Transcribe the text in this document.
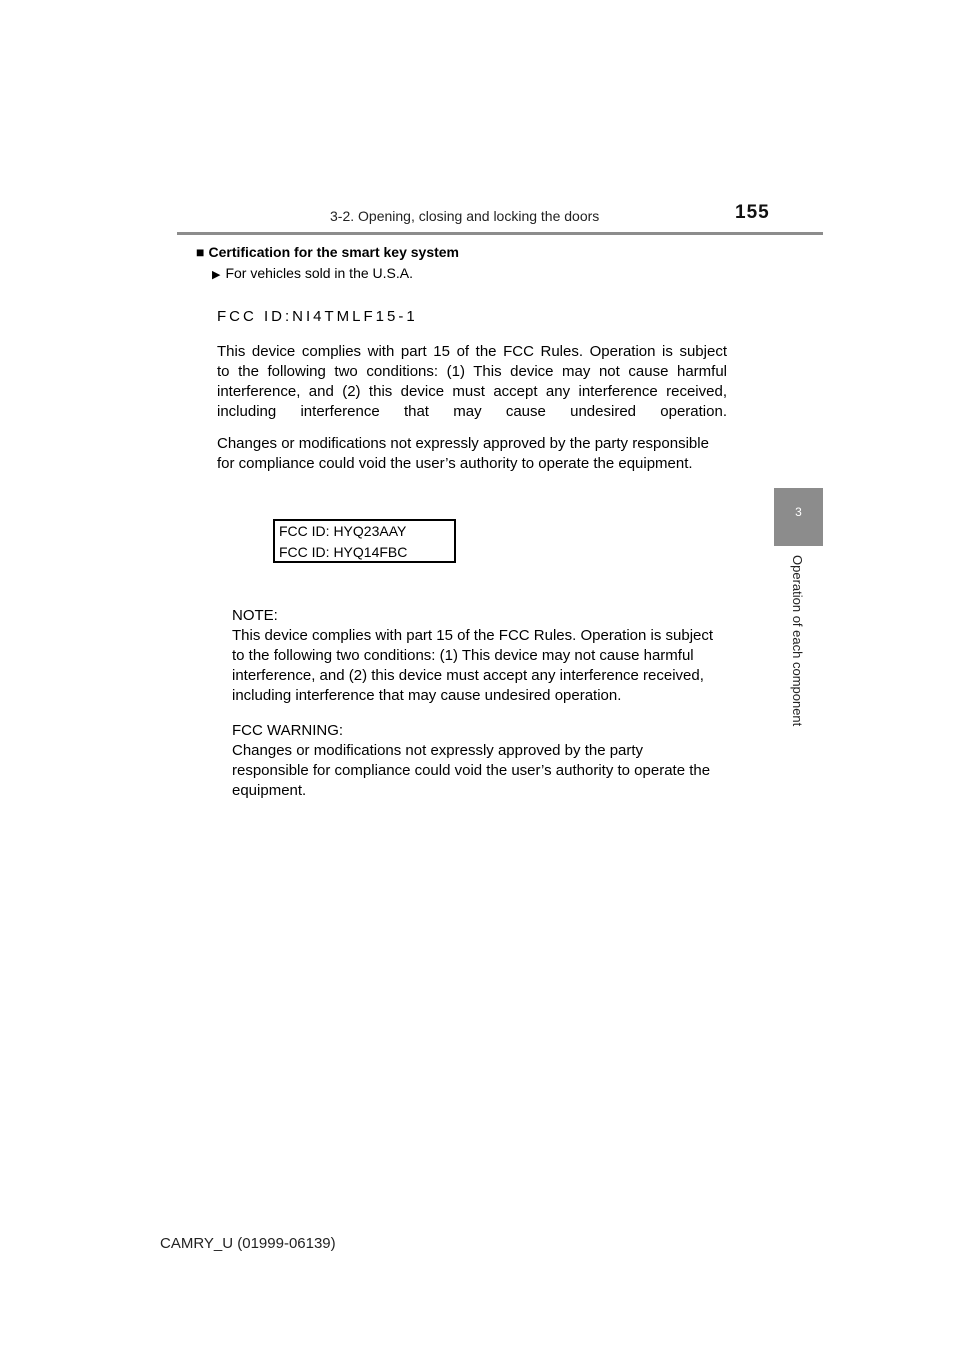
3-2. Opening, closing and locking the doors	155
3
Operation of each component
■ Certification for the smart key system
▶ For vehicles sold in the U.S.A.
FCC ID:NI4TMLF15-1
This device complies with part 15 of the FCC Rules. Operation is subject
to the following two conditions: (1) This device may not cause harmful
interference, and (2) this device must accept any interference received,
including interference that may cause undesired operation.
Changes or modifications not expressly approved by the party responsible
for compliance could void the user’s authority to operate the equipment.
FCC ID: HYQ23AAY
FCC ID: HYQ14FBC
NOTE:
This device complies with part 15 of the FCC Rules. Operation is subject
to the following two conditions: (1) This device may not cause harmful
interference, and (2) this device must accept any interference received,
including interference that may cause undesired operation.
FCC WARNING:
Changes or modifications not expressly approved by the party
responsible for compliance could void the user’s authority to operate the
equipment.
CAMRY_U (01999-06139)
